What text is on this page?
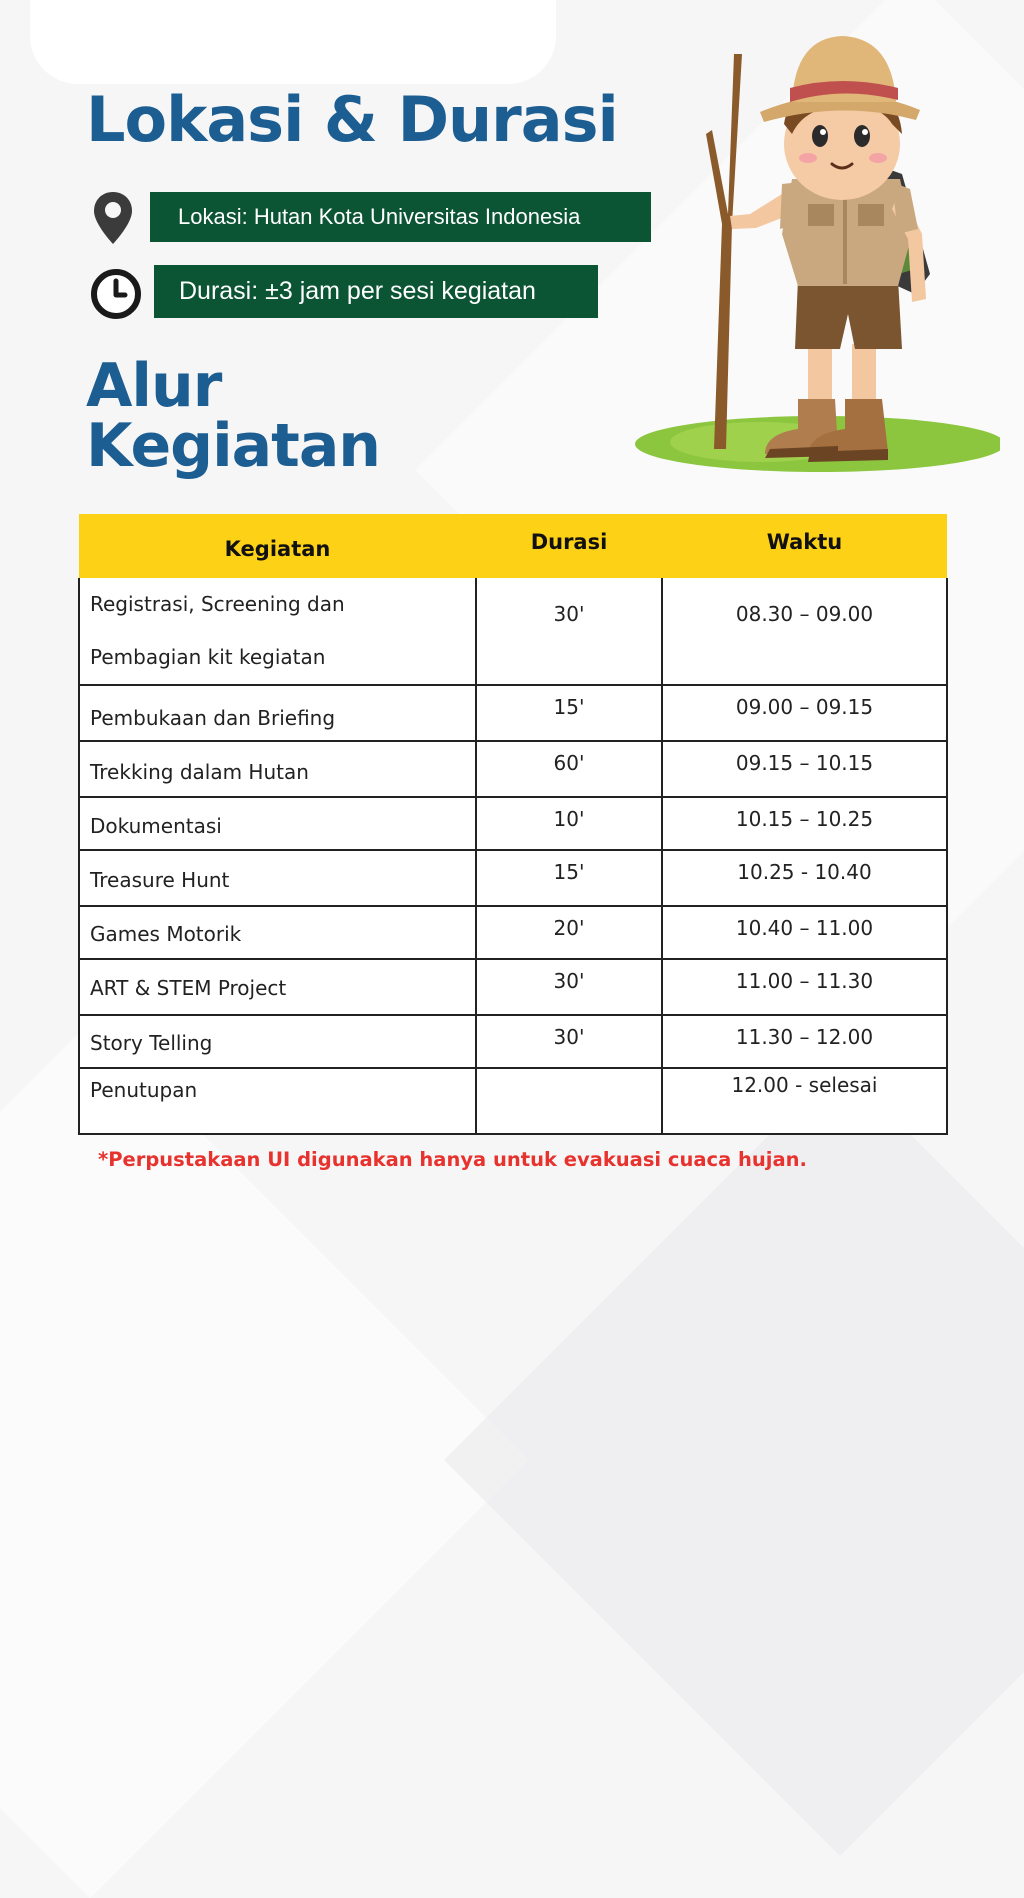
Lokasi & Durasi
Lokasi: Hutan Kota Universitas Indonesia
Durasi: ±3 jam per sesi kegiatan
Alur
Kegiatan
Kegiatan	Durasi	Waktu
Registrasi, Screening dan Pembagian kit kegiatan	30'	08.30 – 09.00
Pembukaan dan Briefing	15'	09.00 – 09.15
Trekking dalam Hutan	60'	09.15 – 10.15
Dokumentasi	10'	10.15 – 10.25
Treasure Hunt	15'	10.25 - 10.40
Games Motorik	20'	10.40 – 11.00
ART & STEM Project	30'	11.00 – 11.30
Story Telling	30'	11.30 – 12.00
Penutupan		12.00 - selesai

*Perpustakaan UI digunakan hanya untuk evakuasi cuaca hujan.
